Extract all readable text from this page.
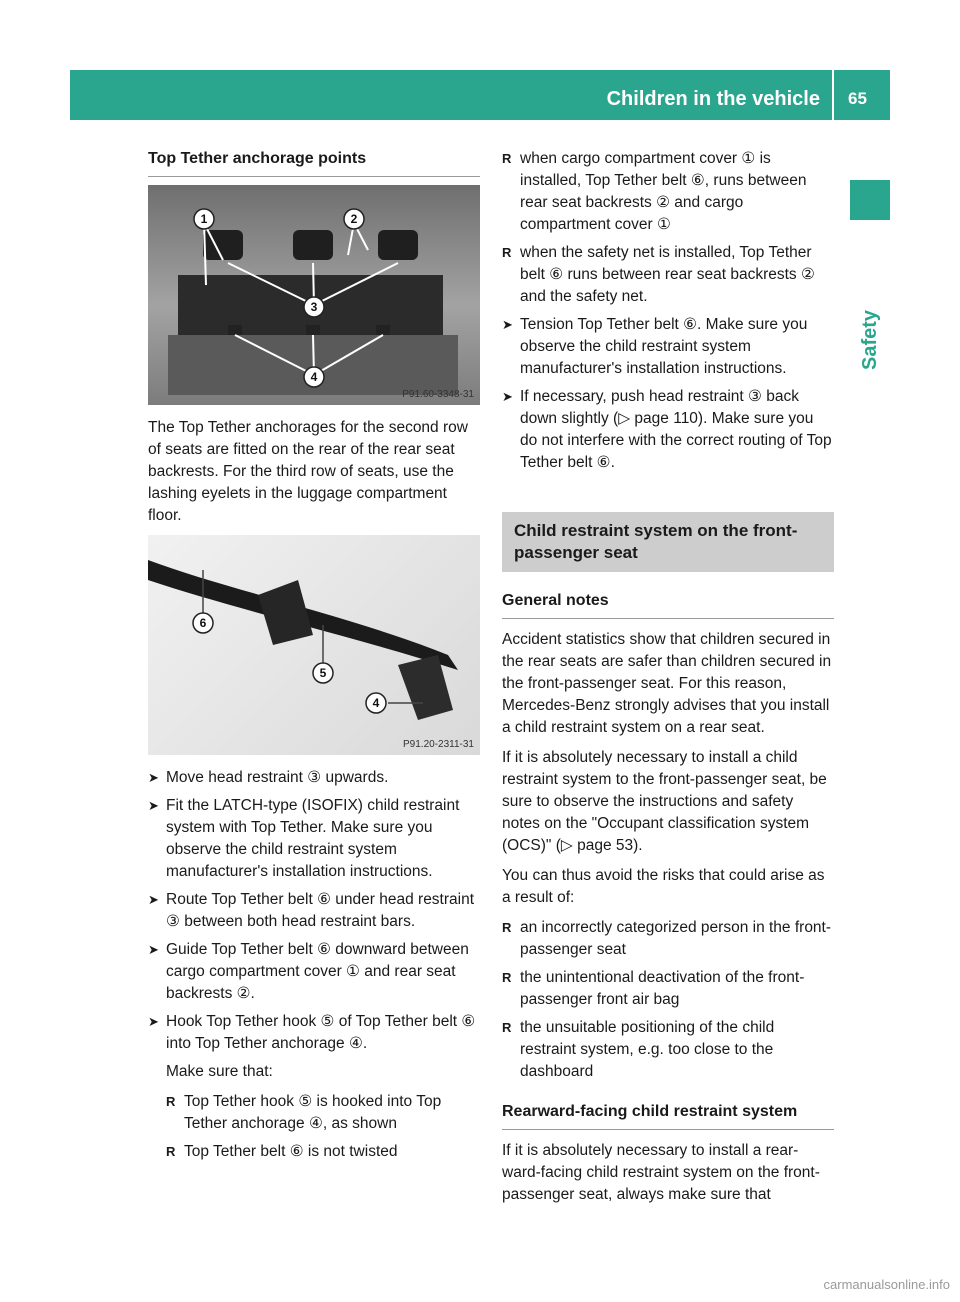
Children in the vehicle 65
Safety
Top Tether anchorage points
1	2
3
4
P91.60-3348-31

The Top Tether anchorages for the second row of seats are fitted on the rear of the rear seat backrests. For the third row of seats, use the lashing eyelets in the luggage compartment floor.

6
5
4
P91.20-2311-31
➤ Move head restraint ③ upwards.
➤ Fit the LATCH-type (ISOFIX) child restraint system with Top Tether. Make sure you observe the child restraint system manufacturer's installation instructions.
➤ Route Top Tether belt ⑥ under head restraint ③ between both head restraint bars.
➤ Guide Top Tether belt ⑥ downward between cargo compartment cover ① and rear seat backrests ②.
➤ Hook Top Tether hook ⑤ of Top Tether belt ⑥ into Top Tether anchorage ④.

Make sure that:

R Top Tether hook ⑤ is hooked into Top Tether anchorage ④, as shown
R Top Tether belt ⑥ is not twisted
R when cargo compartment cover ① is installed, Top Tether belt ⑥, runs between rear seat backrests ② and cargo compartment cover ①
R when the safety net is installed, Top Tether belt ⑥ runs between rear seat backrests ② and the safety net.
➤ Tension Top Tether belt ⑥. Make sure you observe the child restraint system manufacturer's installation instructions.
➤ If necessary, push head restraint ③ back down slightly (▷ page 110). Make sure you do not interfere with the correct routing of Top Tether belt ⑥.
Child restraint system on the front-passenger seat
General notes

Accident statistics show that children secured in the rear seats are safer than children secured in the front-passenger seat. For this reason, Mercedes-Benz strongly advises that you install a child restraint system on a rear seat.

If it is absolutely necessary to install a child restraint system to the front-passenger seat, be sure to observe the instructions and safety notes on the "Occupant classification system (OCS)" (▷ page 53).

You can thus avoid the risks that could arise as a result of:

R an incorrectly categorized person in the front-passenger seat
R the unintentional deactivation of the front-passenger front air bag
R the unsuitable positioning of the child restraint system, e.g. too close to the dashboard
Rearward-facing child restraint system

If it is absolutely necessary to install a rear-ward-facing child restraint system on the front-passenger seat, always make sure that

carmanualsonline.info
